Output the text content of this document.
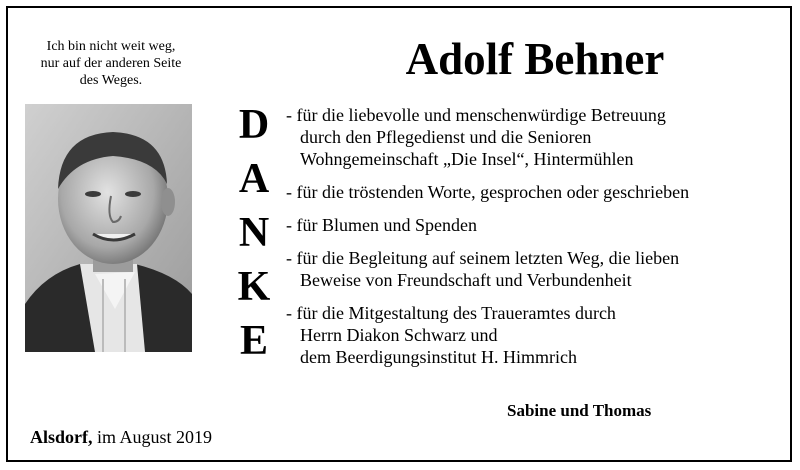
Ich bin nicht weit weg,
nur auf der anderen Seite
des Weges.	Adolf Behner
D
A
N
K
E
- für die liebevolle und menschenwürdige Betreuung
durch den Pflegedienst und die Senioren
Wohngemeinschaft „Die Insel“, Hintermühlen
- für die tröstenden Worte, gesprochen oder geschrieben
- für Blumen und Spenden
- für die Begleitung auf seinem letzten Weg, die lieben
Beweise von Freundschaft und Verbundenheit
- für die Mitgestaltung des Traueramtes durch
Herrn Diakon Schwarz und
dem Beerdigungsinstitut H. Himmrich
Sabine und Thomas
Alsdorf, im August 2019
